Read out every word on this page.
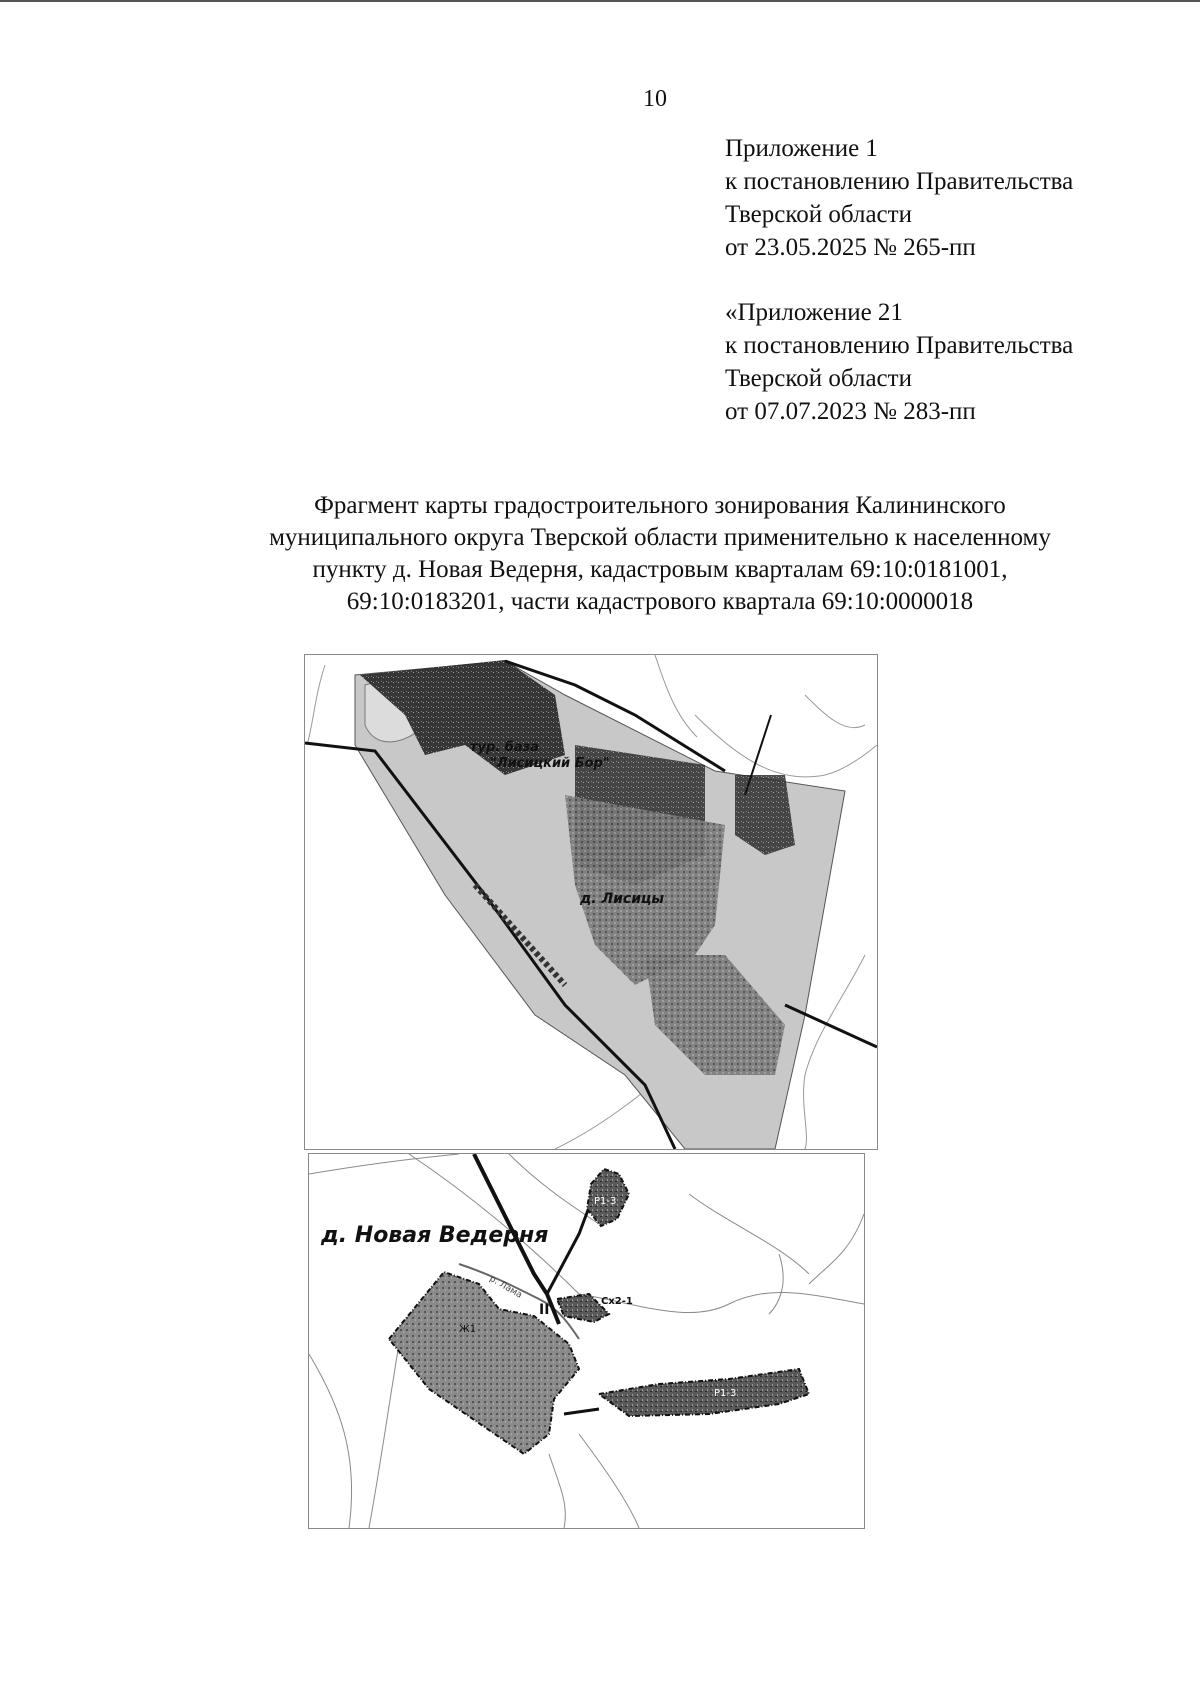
10
Приложение 1
к постановлению Правительства
Тверской области
от 23.05.2025 № 265-пп
«Приложение 21
к постановлению Правительства
Тверской области
от 07.07.2023 № 283-пп
Фрагмент карты градостроительного зонирования Калининского
муниципального округа Тверской области применительно к населенному
пункту д. Новая Ведерня, кадастровым кварталам 69:10:0181001,
69:10:0183201, части кадастрового квартала 69:10:0000018
тур. база
"Лисицкий Бор"
д. Лисицы
д. Новая Ведерня
Р1-3
Сх2-1
Ж1
Р1-3
р. Лама
II
